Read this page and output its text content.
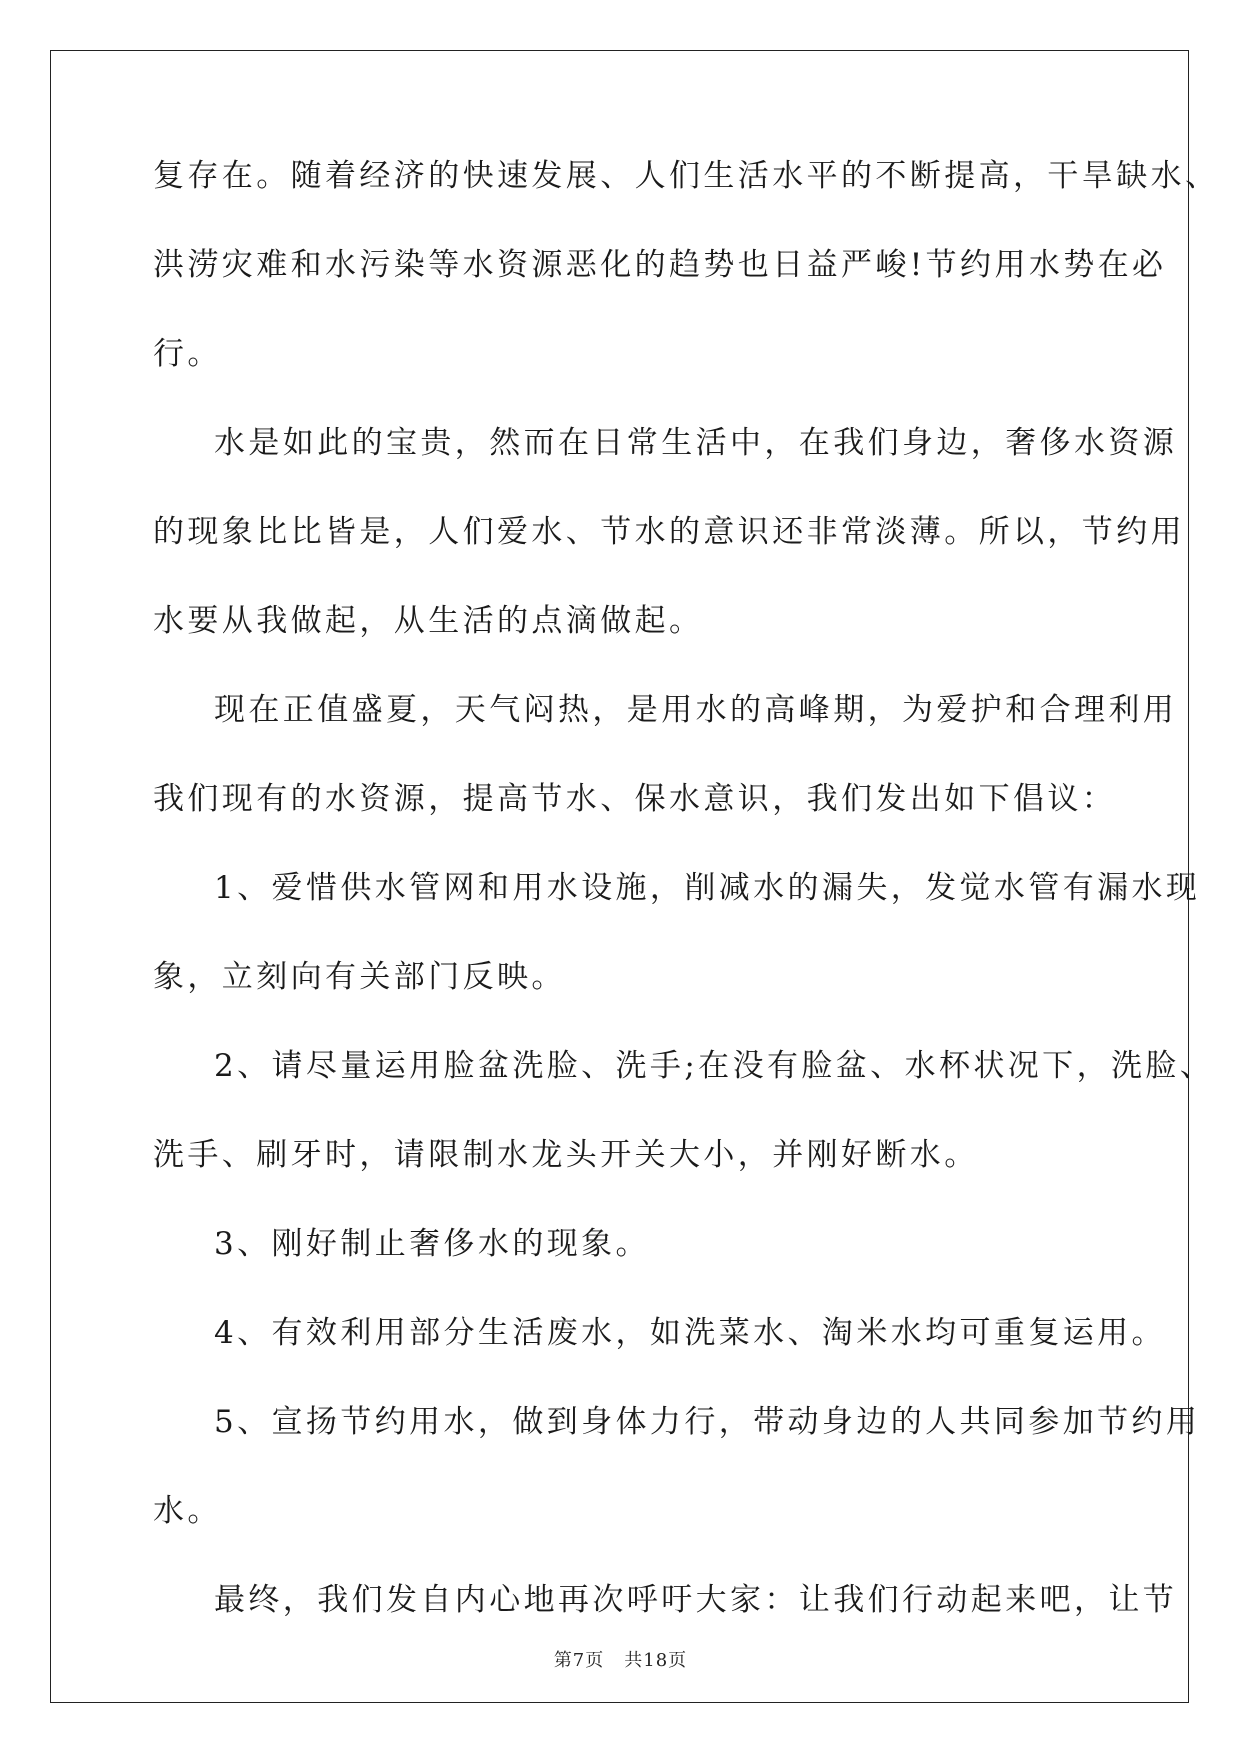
复存在。随着经济的快速发展、人们生活水平的不断提高，干旱缺水、
洪涝灾难和水污染等水资源恶化的趋势也日益严峻!节约用水势在必
行。
水是如此的宝贵，然而在日常生活中，在我们身边，奢侈水资源
的现象比比皆是，人们爱水、节水的意识还非常淡薄。所以，节约用
水要从我做起，从生活的点滴做起。
现在正值盛夏，天气闷热，是用水的高峰期，为爱护和合理利用
我们现有的水资源，提高节水、保水意识，我们发出如下倡议：
1、爱惜供水管网和用水设施，削减水的漏失，发觉水管有漏水现
象，立刻向有关部门反映。
2、请尽量运用脸盆洗脸、洗手;在没有脸盆、水杯状况下，洗脸、
洗手、刷牙时，请限制水龙头开关大小，并刚好断水。
3、刚好制止奢侈水的现象。
4、有效利用部分生活废水，如洗菜水、淘米水均可重复运用。
5、宣扬节约用水，做到身体力行，带动身边的人共同参加节约用
水。
最终，我们发自内心地再次呼吁大家：让我们行动起来吧，让节
第7页 共18页
